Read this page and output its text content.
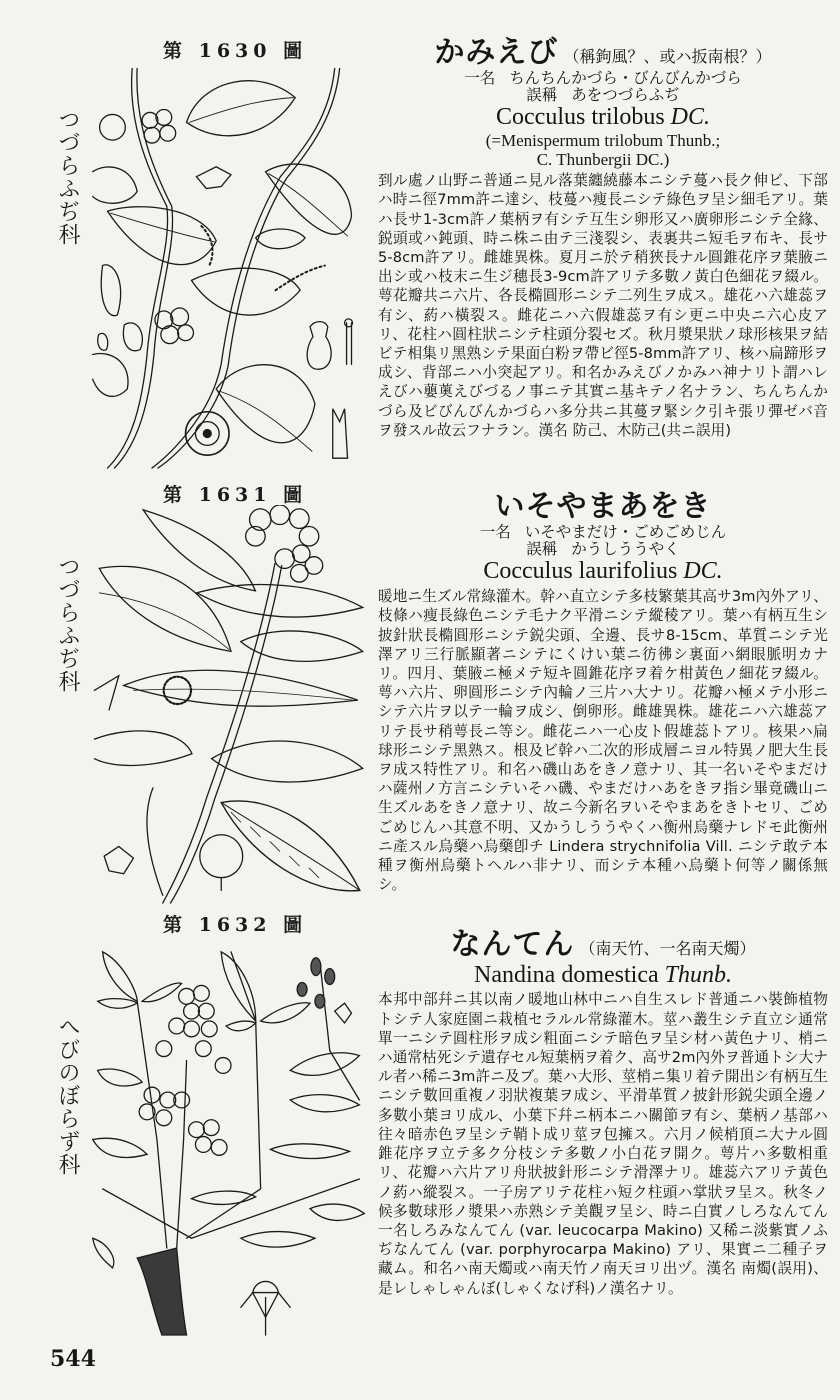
第 1630 圖
つづらふぢ科
かみえび （稱鉤風？、或ハ扳南根？）
一名 ちんちんかづら・びんびんかづら
誤稱 あをつづらふぢ
Cocculus trilobus DC.
(=Menispermum trilobum Thunb.;
C. Thunbergii DC.)
到ル處ノ山野ニ普通ニ見ル落葉纏繞藤本ニシテ蔓ハ長ク伸ビ、下部ハ時ニ徑7mm許ニ達シ、枝蔓ハ痩長ニシテ綠色ヲ呈シ細毛アリ。葉ハ長サ1-3cm許ノ葉柄ヲ有シテ互生シ卵形又ハ廣卵形ニシテ全緣、鋭頭或ハ鈍頭、時ニ株ニ由テ三淺裂シ、表裏共ニ短毛ヲ布キ、長サ5-8cm許アリ。雌雄異株。夏月ニ於テ稍狹長ナル圓錐花序ヲ葉腋ニ出シ或ハ枝末ニ生ジ穗長3-9cm許アリテ多數ノ黃白色細花ヲ綴ル。萼花瓣共ニ六片、各長橢圓形ニシテ二列生ヲ成ス。雄花ハ六雄蕊ヲ有シ、葯ハ橫裂ス。雌花ニハ六假雄蕊ヲ有シ更ニ中央ニ六心皮アリ、花柱ハ圓柱狀ニシテ柱頭分裂セズ。秋月漿果狀ノ球形核果ヲ結ビテ相集リ黑熟シテ果面白粉ヲ帶ビ徑5-8mm許アリ、核ハ扁蹄形ヲ成シ、背部ニハ小突起アリ。和名かみえびノかみハ神ナリト謂ハレえびハ蘡薁えびづるノ事ニテ其實ニ基キテノ名ナラン、ちんちんかづら及ビびんびんかづらハ多分共ニ其蔓ヲ緊シク引キ張リ彈ゼバ音ヲ發スル故云フナラン。漢名 防己、木防己(共ニ誤用)
第 1631 圖
つづらふぢ科
いそやまあをき
一名 いそやまだけ・ごめごめじん
誤稱 かうしううやく
Cocculus laurifolius DC.
暖地ニ生ズル常綠灌木。幹ハ直立シテ多枝繁葉其高サ3m內外アリ、枝條ハ痩長綠色ニシテ毛ナク平滑ニシテ縱稜アリ。葉ハ有柄互生シ披針狀長橢圓形ニシテ鋭尖頭、全邊、長サ8-15cm、革質ニシテ光澤アリ三行脈顯著ニシテにくけい葉ニ彷彿シ裏面ハ網眼脈明カナリ。四月、葉腋ニ極メテ短キ圓錐花序ヲ着ケ柑黃色ノ細花ヲ綴ル。萼ハ六片、卵圓形ニシテ內輪ノ三片ハ大ナリ。花瓣ハ極メテ小形ニシテ六片ヲ以テ一輪ヲ成シ、倒卵形。雌雄異株。雄花ニハ六雄蕊アリテ長サ稍萼長ニ等シ。雌花ニハ一心皮ト假雄蕊トアリ。核果ハ扁球形ニシテ黑熟ス。根及ビ幹ハ二次的形成層ニヨル特異ノ肥大生長ヲ成ス特性アリ。和名ハ磯山あをきノ意ナリ、其一名いそやまだけハ薩州ノ方言ニシテいそハ磯、やまだけハあをきヲ指シ畢竟磯山ニ生ズルあをきノ意ナリ、故ニ今新名ヲいそやまあをきトセリ、ごめごめじんハ其意不明、又かうしううやくハ衡州烏藥ナレドモ此衡州ニ產スル烏藥ハ烏藥卽チ Lindera strychnifolia Vill. ニシテ敢テ本種ヲ衡州烏藥トヘルハ非ナリ、而シテ本種ハ烏藥ト何等ノ關係無シ。
第 1632 圖
へびのぼらず科
なんてん （南天竹、一名南天燭）
Nandina domestica Thunb.
本邦中部幷ニ其以南ノ暖地山林中ニハ自生スレド普通ニハ裝飾植物トシテ人家庭園ニ栽植セラルル常綠灌木。莖ハ叢生シテ直立シ通常單一ニシテ圓柱形ヲ成シ粗面ニシテ暗色ヲ呈シ材ハ黃色ナリ、梢ニハ通常枯死シテ遺存セル短葉柄ヲ着ク、高サ2m內外ヲ普通トシ大ナル者ハ稀ニ3m許ニ及ブ。葉ハ大形、莖梢ニ集リ着テ開出シ有柄互生ニシテ數回重複ノ羽狀複葉ヲ成シ、平滑革質ノ披針形鋭尖頭全邊ノ多數小葉ヨリ成ル、小葉下幷ニ柄本ニハ關節ヲ有シ、葉柄ノ基部ハ往々暗赤色ヲ呈シテ鞘ト成リ莖ヲ包擁ス。六月ノ候梢頂ニ大ナル圓錐花序ヲ立テ多ク分枝シテ多數ノ小白花ヲ開ク。萼片ハ多數相重リ、花瓣ハ六片アリ舟狀披針形ニシテ滑澤ナリ。雄蕊六アリテ黃色ノ葯ハ縱裂ス。一子房アリテ花柱ハ短ク柱頭ハ掌狀ヲ呈ス。秋冬ノ候多數球形ノ漿果ハ赤熟シテ美觀ヲ呈シ、時ニ白實ノしろなんてん一名しろみなんてん (var. leucocarpa Makino) 又稀ニ淡紫實ノふぢなんてん (var. porphyrocarpa Makino) アリ、果實ニ二種子ヲ藏ム。和名ハ南天燭或ハ南天竹ノ南天ヨリ出ヅ。漢名 南燭(誤用)、是レしゃしゃんぼ(しゃくなげ科)ノ漢名ナリ。
544
